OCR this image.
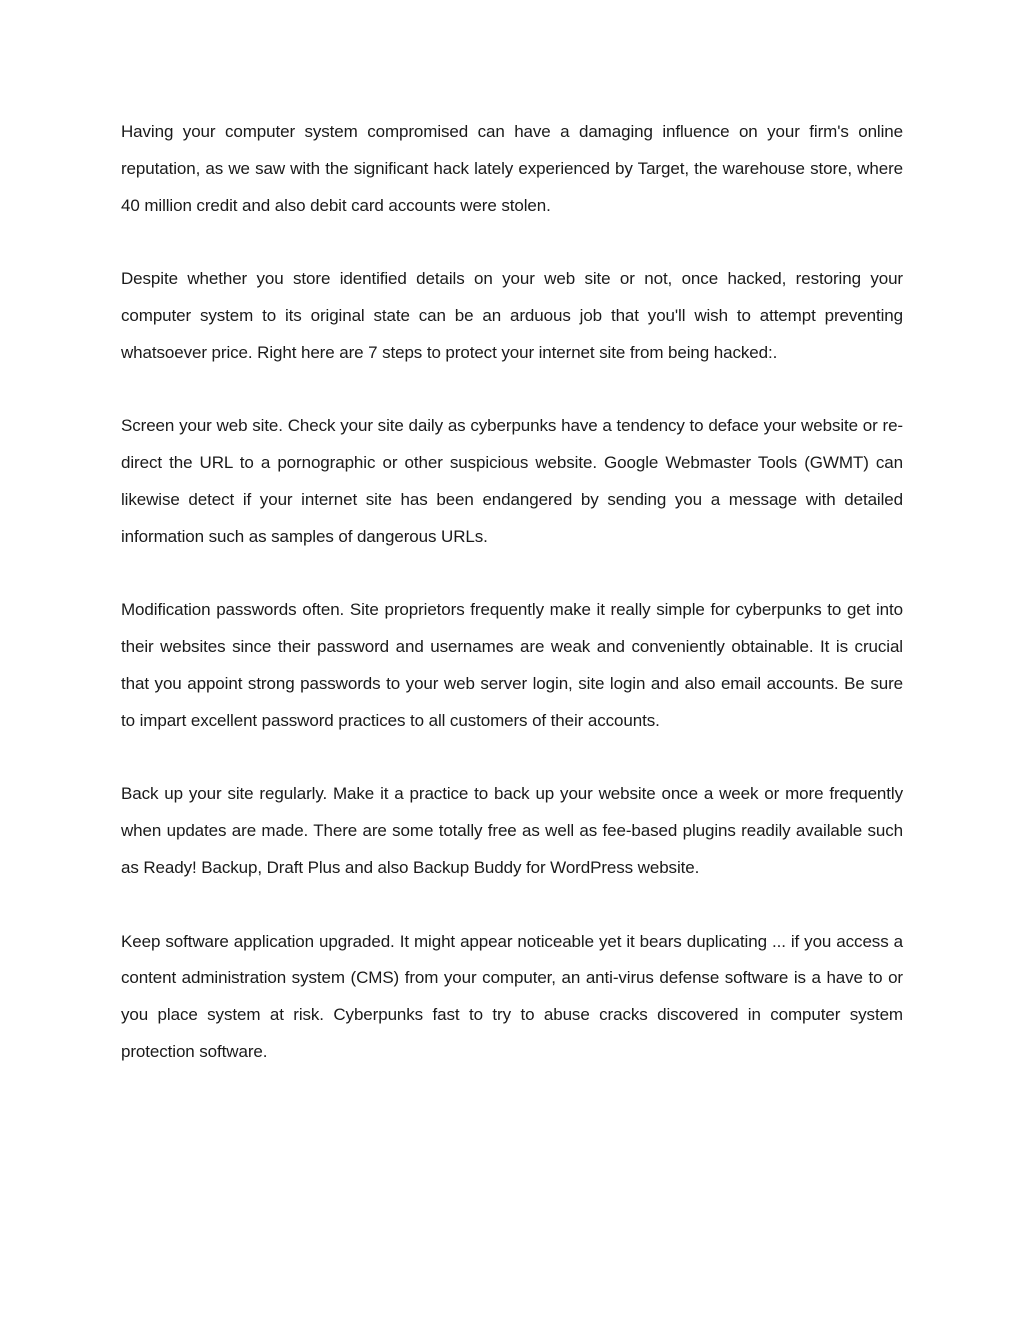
Having your computer system compromised can have a damaging influence on your firm's online reputation, as we saw with the significant hack lately experienced by Target, the warehouse store, where 40 million credit and also debit card accounts were stolen.

Despite whether you store identified details on your web site or not, once hacked, restoring your computer system to its original state can be an arduous job that you'll wish to attempt preventing whatsoever price. Right here are 7 steps to protect your internet site from being hacked:.

Screen your web site. Check your site daily as cyberpunks have a tendency to deface your website or re-direct the URL to a pornographic or other suspicious website. Google Webmaster Tools (GWMT) can likewise detect if your internet site has been endangered by sending you a message with detailed information such as samples of dangerous URLs.

Modification passwords often. Site proprietors frequently make it really simple for cyberpunks to get into their websites since their password and usernames are weak and conveniently obtainable. It is crucial that you appoint strong passwords to your web server login, site login and also email accounts. Be sure to impart excellent password practices to all customers of their accounts.

Back up your site regularly. Make it a practice to back up your website once a week or more frequently when updates are made. There are some totally free as well as fee-based plugins readily available such as Ready! Backup, Draft Plus and also Backup Buddy for WordPress website.

Keep software application upgraded. It might appear noticeable yet it bears duplicating ... if you access a content administration system (CMS) from your computer, an anti-virus defense software is a have to or you place system at risk. Cyberpunks fast to try to abuse cracks discovered in computer system protection software.
